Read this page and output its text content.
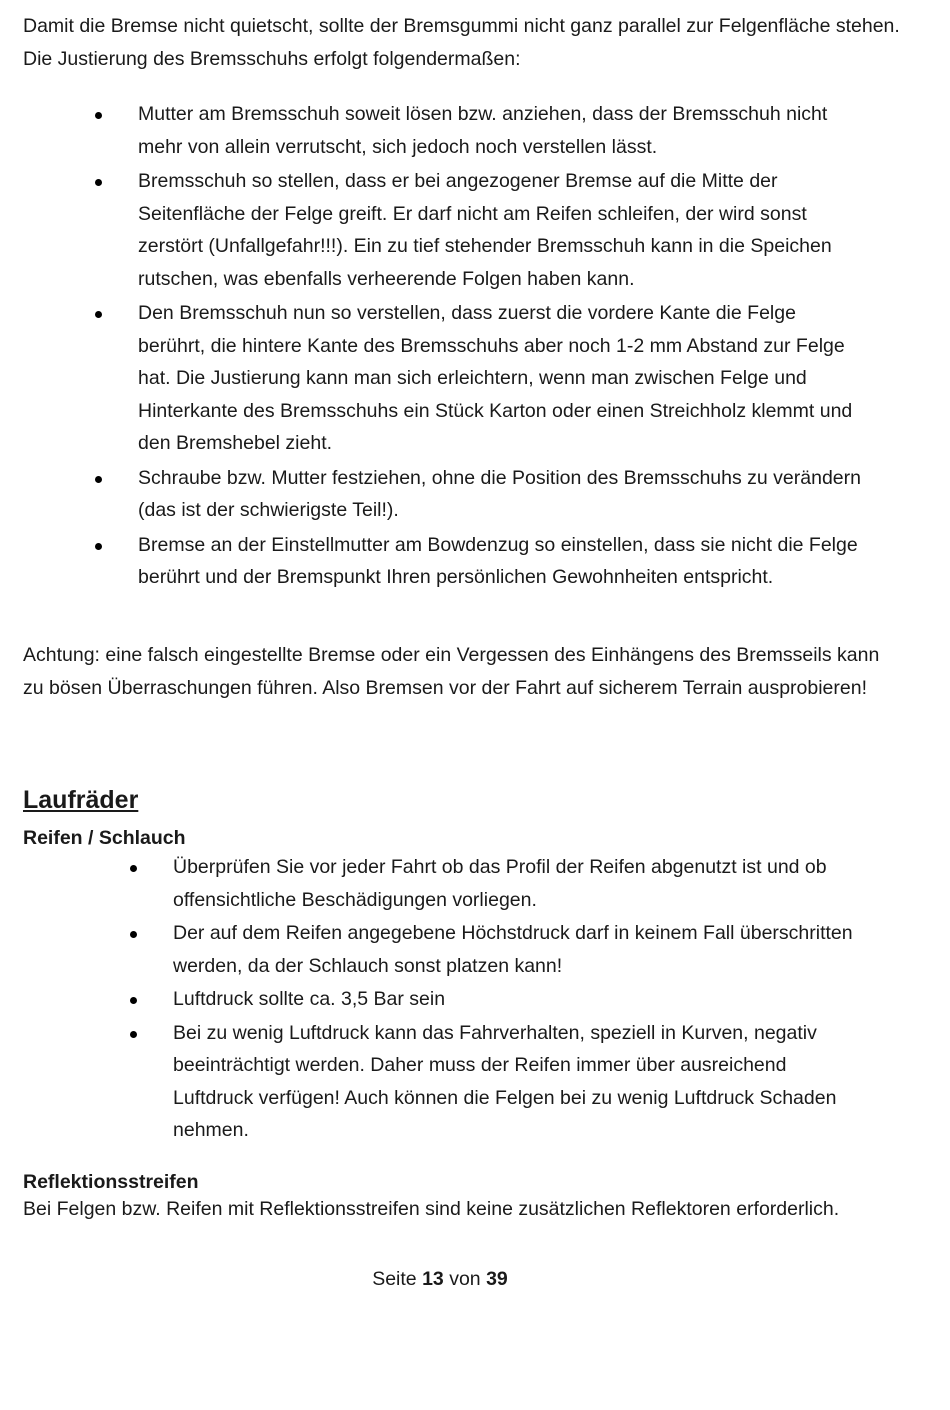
Damit die Bremse nicht quietscht, sollte der Bremsgummi nicht ganz parallel zur Felgenfläche stehen. Die Justierung des Bremsschuhs erfolgt folgendermaßen:

Mutter am Bremsschuh soweit lösen bzw. anziehen, dass der Bremsschuh nicht mehr von allein verrutscht, sich jedoch noch verstellen lässt.
Bremsschuh so stellen, dass er bei angezogener Bremse auf die Mitte der Seitenfläche der Felge greift. Er darf nicht am Reifen schleifen, der wird sonst zerstört (Unfallgefahr!!!). Ein zu tief stehender Bremsschuh kann in die Speichen rutschen, was ebenfalls verheerende Folgen haben kann.
Den Bremsschuh nun so verstellen, dass zuerst die vordere Kante die Felge berührt, die hintere Kante des Bremsschuhs aber noch 1-2 mm Abstand zur Felge hat. Die Justierung kann man sich erleichtern, wenn man zwischen Felge und Hinterkante des Bremsschuhs ein Stück Karton oder einen Streichholz klemmt und den Bremshebel zieht.
Schraube bzw. Mutter festziehen, ohne die Position des Bremsschuhs zu verändern (das ist der schwierigste Teil!).
Bremse an der Einstellmutter am Bowdenzug so einstellen, dass sie nicht die Felge berührt und der Bremspunkt Ihren persönlichen Gewohnheiten entspricht.

Achtung: eine falsch eingestellte Bremse oder ein Vergessen des Einhängens des Bremsseils kann zu bösen Überraschungen führen. Also Bremsen vor der Fahrt auf sicherem Terrain ausprobieren!

Laufräder
Reifen / Schlauch
Überprüfen Sie vor jeder Fahrt ob das Profil der Reifen abgenutzt ist und ob offensichtliche Beschädigungen vorliegen.
Der auf dem Reifen angegebene Höchstdruck darf in keinem Fall überschritten werden, da der Schlauch sonst platzen kann!
Luftdruck sollte ca. 3,5 Bar sein
Bei zu wenig Luftdruck kann das Fahrverhalten, speziell in Kurven, negativ beeinträchtigt werden. Daher muss der Reifen immer über ausreichend Luftdruck verfügen! Auch können die Felgen bei zu wenig Luftdruck Schaden nehmen.
Reflektionsstreifen

Bei Felgen bzw. Reifen mit Reflektionsstreifen sind keine zusätzlichen Reflektoren erforderlich.

Seite 13 von 39
